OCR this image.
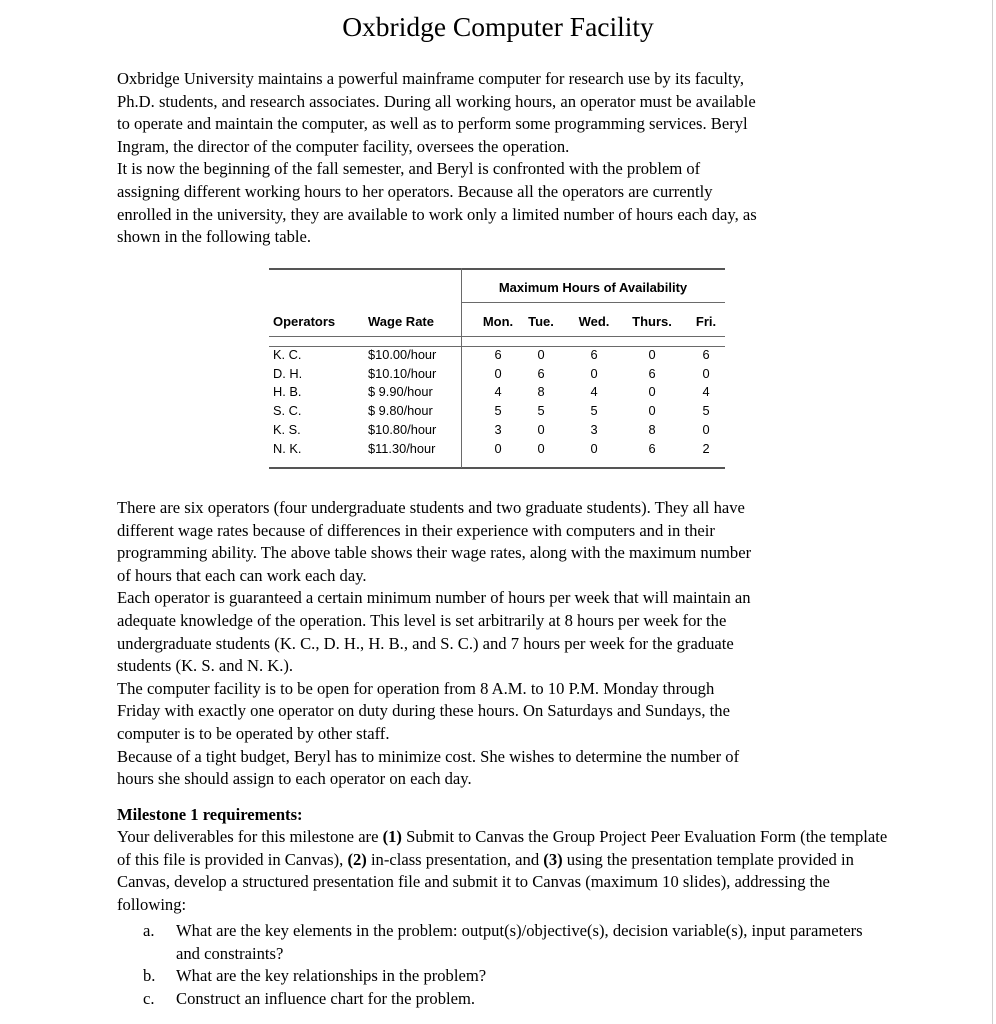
Oxbridge Computer Facility

Oxbridge University maintains a powerful mainframe computer for research use by its faculty,
Ph.D. students, and research associates. During all working hours, an operator must be available
to operate and maintain the computer, as well as to perform some programming services. Beryl
Ingram, the director of the computer facility, oversees the operation.
It is now the beginning of the fall semester, and Beryl is confronted with the problem of
assigning different working hours to her operators. Because all the operators are currently
enrolled in the university, they are available to work only a limited number of hours each day, as
shown in the following table.

Maximum Hours of Availability
Operators	Wage Rate	Mon.	Tue.	Wed.	Thurs.	Fri.
K. C.	$10.00/hour	6	0	6	0	6
D. H.	$10.10/hour	0	6	0	6	0
H. B.	$ 9.90/hour	4	8	4	0	4
S. C.	$ 9.80/hour	5	5	5	0	5
K. S.	$10.80/hour	3	0	3	8	0
N. K.	$11.30/hour	0	0	0	6	2

There are six operators (four undergraduate students and two graduate students). They all have
different wage rates because of differences in their experience with computers and in their
programming ability. The above table shows their wage rates, along with the maximum number
of hours that each can work each day.
Each operator is guaranteed a certain minimum number of hours per week that will maintain an
adequate knowledge of the operation. This level is set arbitrarily at 8 hours per week for the
undergraduate students (K. C., D. H., H. B., and S. C.) and 7 hours per week for the graduate
students (K. S. and N. K.).
The computer facility is to be open for operation from 8 A.M. to 10 P.M. Monday through
Friday with exactly one operator on duty during these hours. On Saturdays and Sundays, the
computer is to be operated by other staff.
Because of a tight budget, Beryl has to minimize cost. She wishes to determine the number of
hours she should assign to each operator on each day.

Milestone 1 requirements:

Your deliverables for this milestone are (1) Submit to Canvas the Group Project Peer Evaluation Form (the template of this file is provided in Canvas), (2) in-class presentation, and (3) using the presentation template provided in Canvas, develop a structured presentation file and submit it to Canvas (maximum 10 slides), addressing the following:

a. What are the key elements in the problem: output(s)/objective(s), decision variable(s), input parameters and constraints?
b. What are the key relationships in the problem?
c. Construct an influence chart for the problem.
